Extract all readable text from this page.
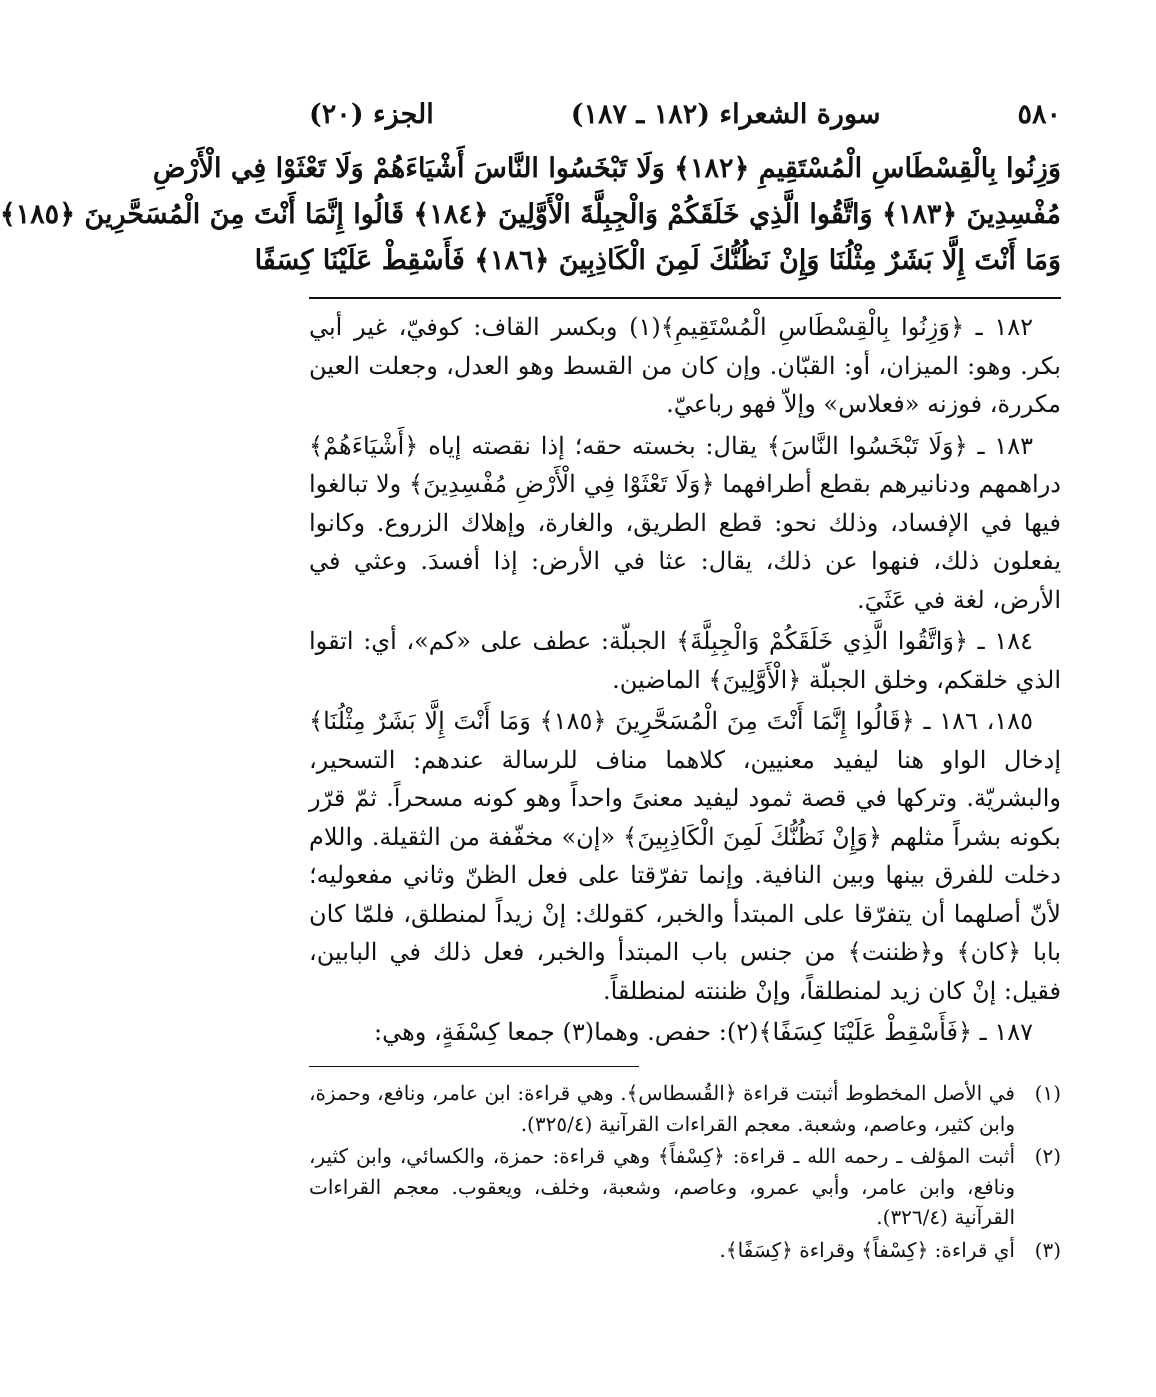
٥٨٠
سورة الشعراء (١٨٢ ـ ١٨٧)
الجزء (٢٠)
وَزِنُوا بِالْقِسْطَاسِ الْمُسْتَقِيمِ ﴿١٨٢﴾ وَلَا تَبْخَسُوا النَّاسَ أَشْيَاءَهُمْ وَلَا تَعْثَوْا فِي الْأَرْضِ
مُفْسِدِينَ ﴿١٨٣﴾ وَاتَّقُوا الَّذِي خَلَقَكُمْ وَالْجِبِلَّةَ الْأَوَّلِينَ ﴿١٨٤﴾ قَالُوا إِنَّمَا أَنْتَ مِنَ الْمُسَحَّرِينَ ﴿١٨٥﴾
وَمَا أَنْتَ إِلَّا بَشَرٌ مِثْلُنَا وَإِنْ نَظُنُّكَ لَمِنَ الْكَاذِبِينَ ﴿١٨٦﴾ فَأَسْقِطْ عَلَيْنَا كِسَفًا

١٨٢ ـ ﴿وَزِنُوا بِالْقِسْطَاسِ الْمُسْتَقِيمِ﴾(١) وبكسر القاف: كوفيّ، غير أبي بكر. وهو: الميزان، أو: القبّان. وإن كان من القسط وهو العدل، وجعلت العين مكررة، فوزنه «فعلاس» وإلاّ فهو رباعيّ.

١٨٣ ـ ﴿وَلَا تَبْخَسُوا النَّاسَ﴾ يقال: بخسته حقه؛ إذا نقصته إياه ﴿أَشْيَاءَهُمْ﴾ دراهمهم ودنانيرهم بقطع أطرافهما ﴿وَلَا تَعْثَوْا فِي الْأَرْضِ مُفْسِدِينَ﴾ ولا تبالغوا فيها في الإفساد، وذلك نحو: قطع الطريق، والغارة، وإهلاك الزروع. وكانوا يفعلون ذلك، فنهوا عن ذلك، يقال: عثا في الأرض: إذا أفسدَ. وعثي في الأرض، لغة في عَثَيَ.

١٨٤ ـ ﴿وَاتَّقُوا الَّذِي خَلَقَكُمْ وَالْجِبِلَّةَ﴾ الجبلّة: عطف على «كم»، أي: اتقوا الذي خلقكم، وخلق الجبلّة ﴿الْأَوَّلِينَ﴾ الماضين.

١٨٥، ١٨٦ ـ ﴿قَالُوا إِنَّمَا أَنْتَ مِنَ الْمُسَحَّرِينَ ﴿١٨٥﴾ وَمَا أَنْتَ إِلَّا بَشَرٌ مِثْلُنَا﴾ إدخال الواو هنا ليفيد معنيين، كلاهما مناف للرسالة عندهم: التسحير، والبشريّة. وتركها في قصة ثمود ليفيد معنىً واحداً وهو كونه مسحراً. ثمّ قرّر بكونه بشراً مثلهم ﴿وَإِنْ نَظُنُّكَ لَمِنَ الْكَاذِبِينَ﴾ «إن» مخفّفة من الثقيلة. واللام دخلت للفرق بينها وبين النافية. وإنما تفرّقتا على فعل الظنّ وثاني مفعوليه؛ لأنّ أصلهما أن يتفرّقا على المبتدأ والخبر، كقولك: إنْ زيداً لمنطلق، فلمّا كان بابا ﴿كان﴾ و﴿ظننت﴾ من جنس باب المبتدأ والخبر، فعل ذلك في البابين، فقيل: إنْ كان زيد لمنطلقاً، وإنْ ظننته لمنطلقاً.

١٨٧ ـ ﴿فَأَسْقِطْ عَلَيْنَا كِسَفًا﴾(٢): حفص. وهما(٣) جمعا كِسْفَةٍ، وهي:

(١)
في الأصل المخطوط أثبتت قراءة ﴿القُسطاس﴾. وهي قراءة: ابن عامر، ونافع، وحمزة، وابن كثير، وعاصم، وشعبة. معجم القراءات القرآنية (٣٢٥/٤).
(٢)
أثبت المؤلف ـ رحمه الله ـ قراءة: ﴿كِسْفاً﴾ وهي قراءة: حمزة، والكسائي، وابن كثير، ونافع، وابن عامر، وأبي عمرو، وعاصم، وشعبة، وخلف، ويعقوب. معجم القراءات القرآنية (٣٢٦/٤).
(٣)
أي قراءة: ﴿كِسْفاً﴾ وقراءة ﴿كِسَفًا﴾.
